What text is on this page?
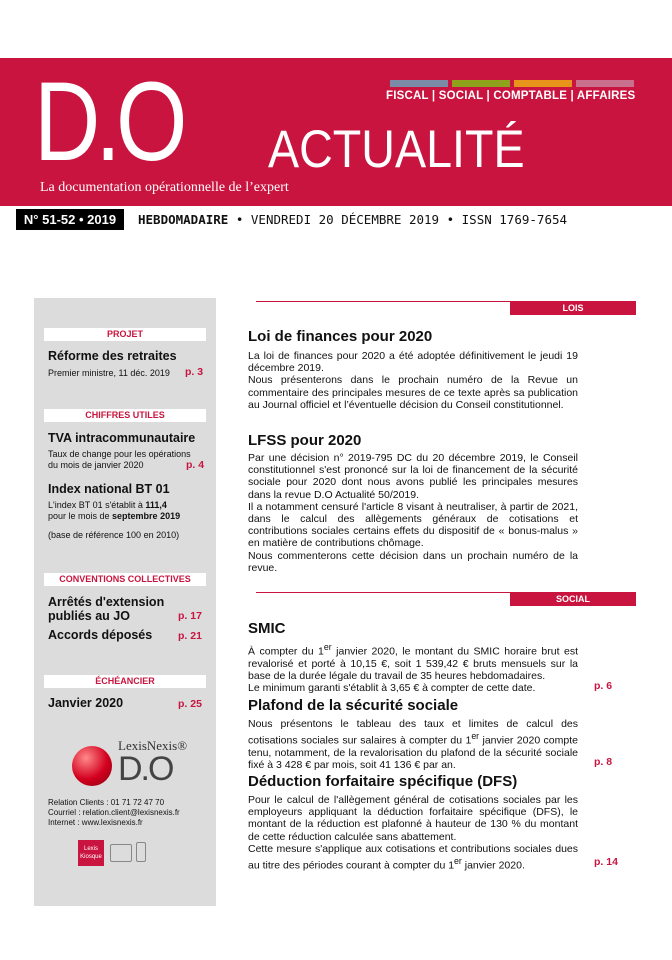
FISCAL | SOCIAL | COMPTABLE | AFFAIRES
D.O ACTUALITÉ
La documentation opérationnelle de l’expert
N° 51-52 • 2019	HEBDOMADAIRE • VENDREDI 20 DÉCEMBRE 2019 • ISSN 1769-7654
PROJET
Réforme des retraites
Premier ministre, 11 déc. 2019 p. 3
CHIFFRES UTILES
TVA intracommunautaire
Taux de change pour les opérations
du mois de janvier 2020	p. 4
Index national BT 01
L'index BT 01 s'établit à 111,4
pour le mois de septembre 2019
(base de référence 100 en 2010)
CONVENTIONS COLLECTIVES
Arrêtés d'extension
publiés au JO	p. 17
Accords déposés p. 21
ÉCHÉANCIER
Janvier 2020	p. 25
LexisNexis®
D.O
Relation Clients : 01 71 72 47 70
Courriel : relation.client@lexisnexis.fr
Internet : www.lexisnexis.fr
Lexis Kiosque
LOIS
Loi de finances pour 2020
La loi de finances pour 2020 a été adoptée définitivement le jeudi 19 décembre 2019.
Nous présenterons dans le prochain numéro de la Revue un commentaire des principales mesures de ce texte après sa publication au Journal officiel et l’éventuelle décision du Conseil constitutionnel.
LFSS pour 2020
Par une décision n° 2019-795 DC du 20 décembre 2019, le Conseil constitutionnel s'est prononcé sur la loi de financement de la sécurité sociale pour 2020 dont nous avons publié les principales mesures dans la revue D.O Actualité 50/2019.
Il a notamment censuré l'article 8 visant à neutraliser, à partir de 2021, dans le calcul des allègements généraux de cotisations et contributions sociales certains effets du dispositif de « bonus-malus » en matière de contributions chômage.
Nous commenterons cette décision dans un prochain numéro de la revue.
SOCIAL
SMIC
À compter du 1er janvier 2020, le montant du SMIC horaire brut est revalorisé et porté à 10,15 €, soit 1 539,42 € bruts mensuels sur la base de la durée légale du travail de 35 heures hebdomadaires.
Le minimum garanti s'établit à 3,65 € à compter de cette date.	p. 6
Plafond de la sécurité sociale
Nous présentons le tableau des taux et limites de calcul des cotisations sociales sur salaires à compter du 1er janvier 2020 compte tenu, notamment, de la revalorisation du plafond de la sécurité sociale fixé à 3 428 € par mois, soit 41 136 € par an.	p. 8
Déduction forfaitaire spécifique (DFS)
Pour le calcul de l'allègement général de cotisations sociales par les employeurs appliquant la déduction forfaitaire spécifique (DFS), le montant de la réduction est plafonné à hauteur de 130 % du montant de cette réduction calculée sans abattement.
Cette mesure s'applique aux cotisations et contributions sociales dues au titre des périodes courant à compter du 1er janvier 2020.	p. 14
